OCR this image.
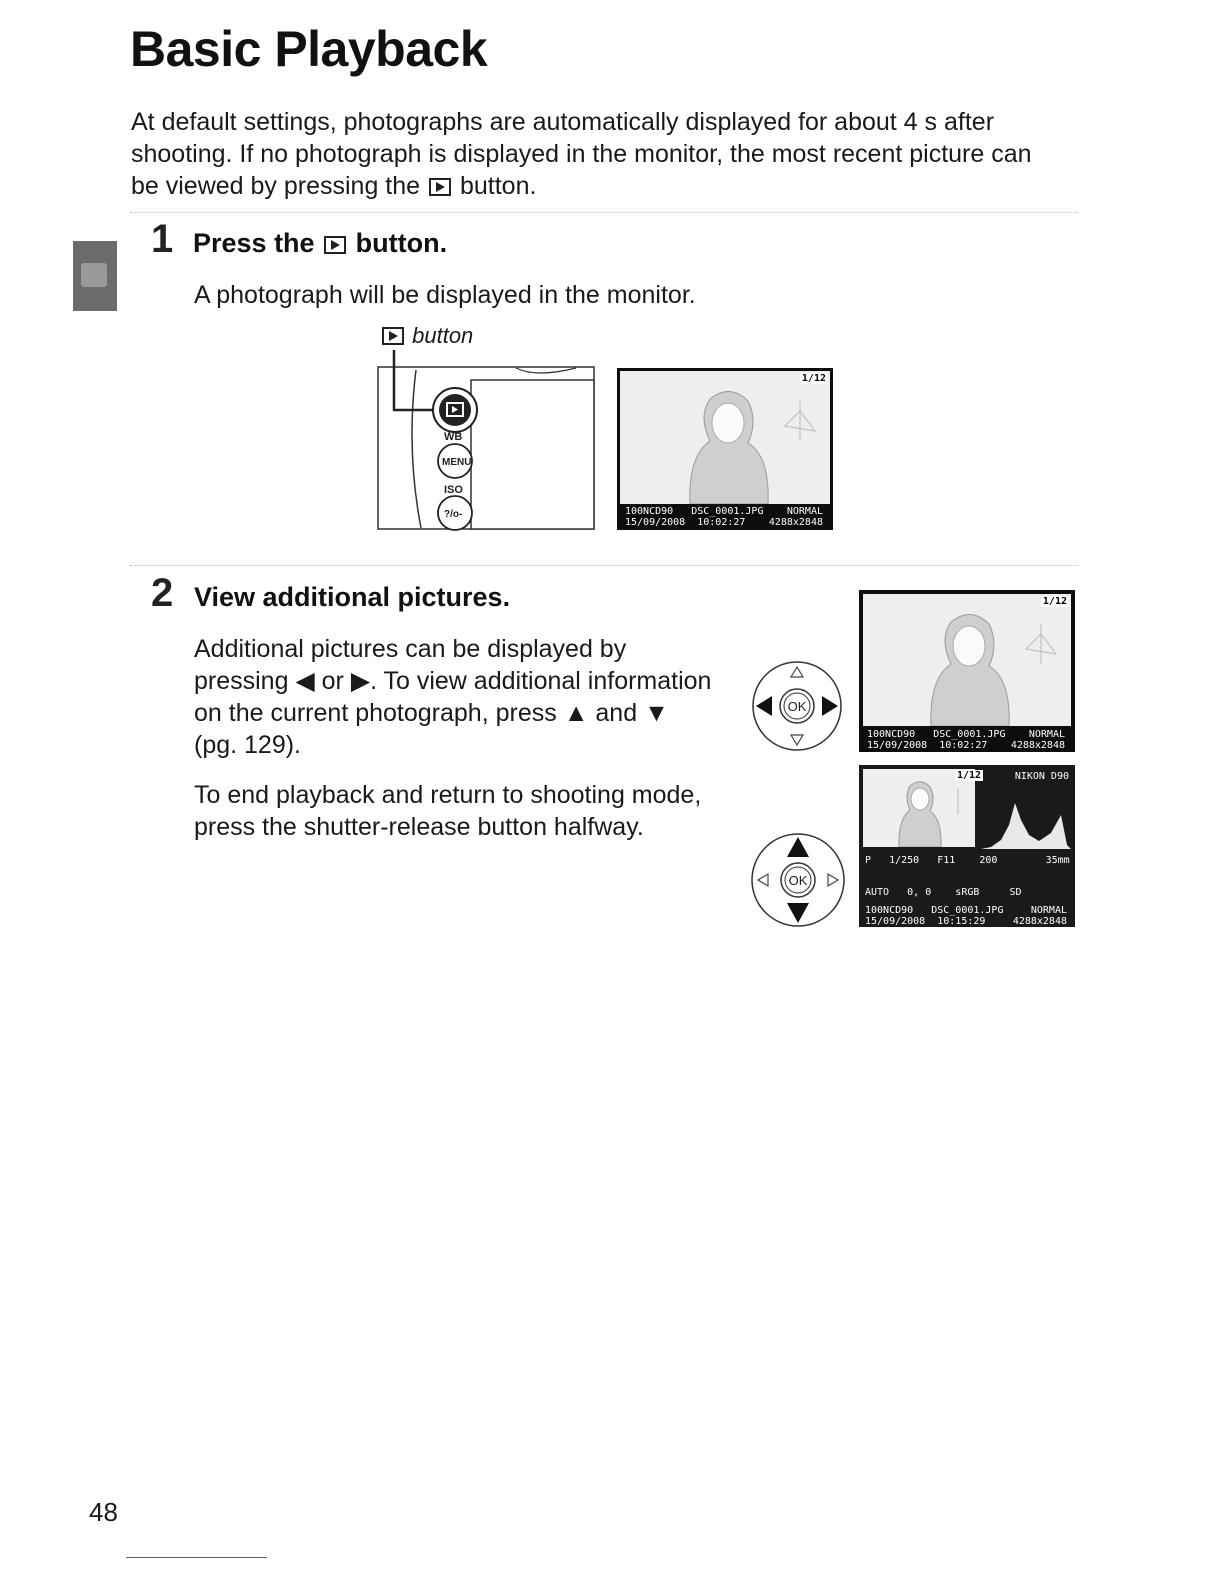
Basic Playback
At default settings, photographs are automatically displayed for about 4 s after
shooting. If no photograph is displayed in the monitor, the most recent picture can
be viewed by pressing the button.
1 Press the button.
A photograph will be displayed in the monitor.
button
WB
MENU
ISO
?/o-
1/12
100NCD90   DSC_0001.JPG
15/09/2008  10:02:27
NORMAL
4288x2848
2 View additional pictures.
Additional pictures can be displayed by
pressing ◀ or ▶. To view additional information
on the current photograph, press ▲ and ▼
(pg. 129).
To end playback and return to shooting mode,
press the shutter-release button halfway.
OK
OK
1/12
100NCD90   DSC_0001.JPG
15/09/2008  10:02:27
NORMAL
4288x2848
1/12	NIKON D90
P   1/250   F11    200        35mm
AUTO   0, 0    sRGB     SD
100NCD90   DSC_0001.JPG
15/09/2008  10:15:29
NORMAL
4288x2848
48
